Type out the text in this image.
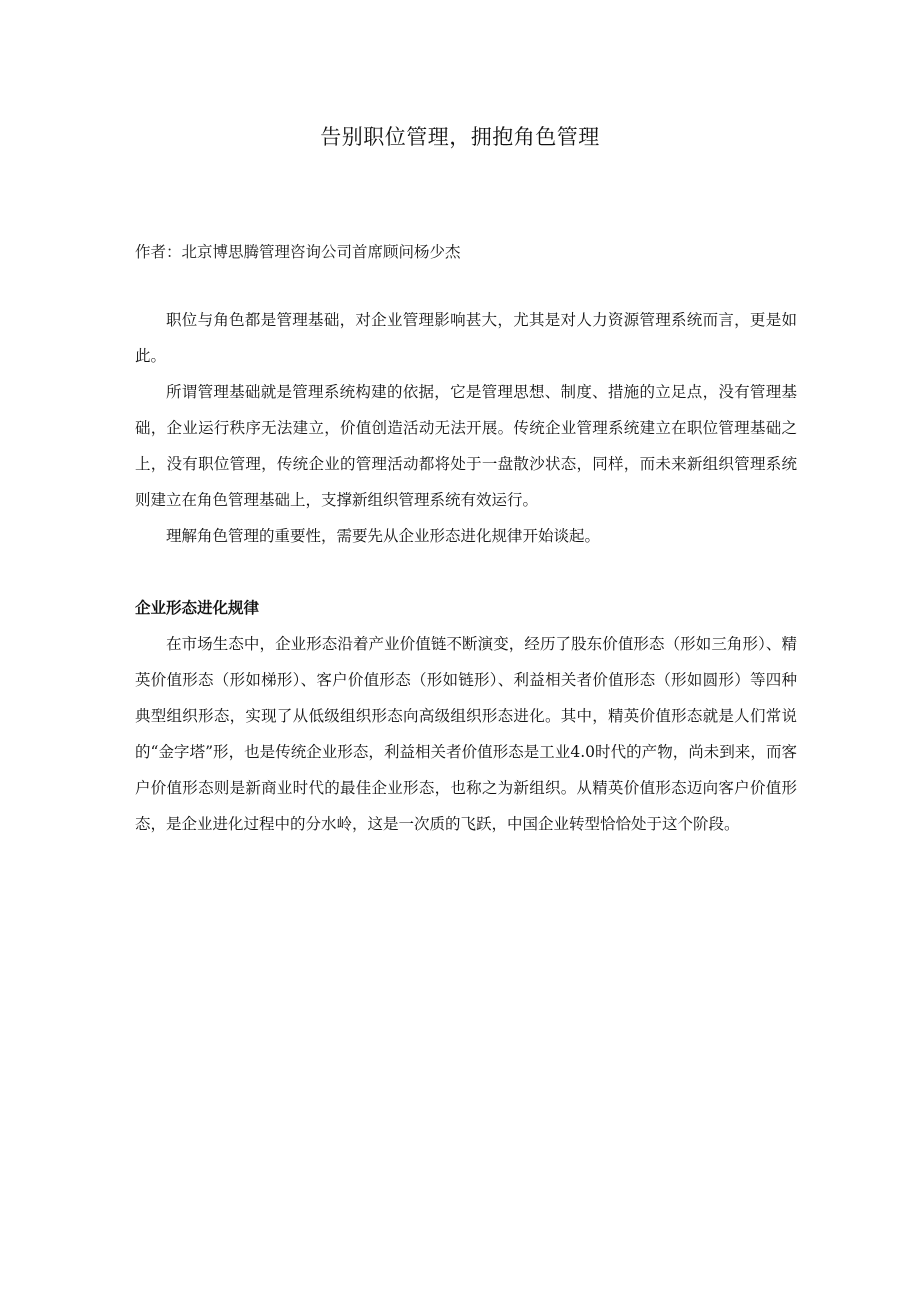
告别职位管理，拥抱角色管理
作者：北京博思腾管理咨询公司首席顾问杨少杰

职位与角色都是管理基础，对企业管理影响甚大，尤其是对人力资源管理系统而言，更是如此。

所谓管理基础就是管理系统构建的依据，它是管理思想、制度、措施的立足点，没有管理基础，企业运行秩序无法建立，价值创造活动无法开展。传统企业管理系统建立在职位管理基础之上，没有职位管理，传统企业的管理活动都将处于一盘散沙状态，同样，而未来新组织管理系统则建立在角色管理基础上，支撑新组织管理系统有效运行。

理解角色管理的重要性，需要先从企业形态进化规律开始谈起。

企业形态进化规律

在市场生态中，企业形态沿着产业价值链不断演变，经历了股东价值形态（形如三角形）、精英价值形态（形如梯形）、客户价值形态（形如链形）、利益相关者价值形态（形如圆形）等四种典型组织形态，实现了从低级组织形态向高级组织形态进化。其中，精英价值形态就是人们常说的“金字塔”形，也是传统企业形态，利益相关者价值形态是工业4.0时代的产物，尚未到来，而客户价值形态则是新商业时代的最佳企业形态，也称之为新组织。从精英价值形态迈向客户价值形态，是企业进化过程中的分水岭，这是一次质的飞跃，中国企业转型恰恰处于这个阶段。
